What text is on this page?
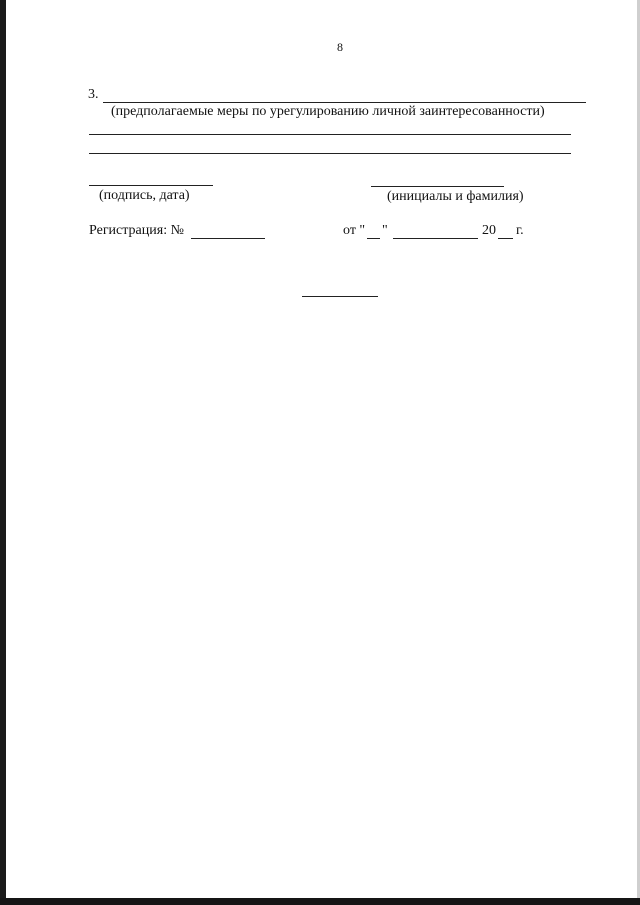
8
3.
(предполагаемые меры по урегулированию личной заинтересованности)
(подпись, дата)	(инициалы и фамилия)
Регистрация: №	от " "	20 г.
